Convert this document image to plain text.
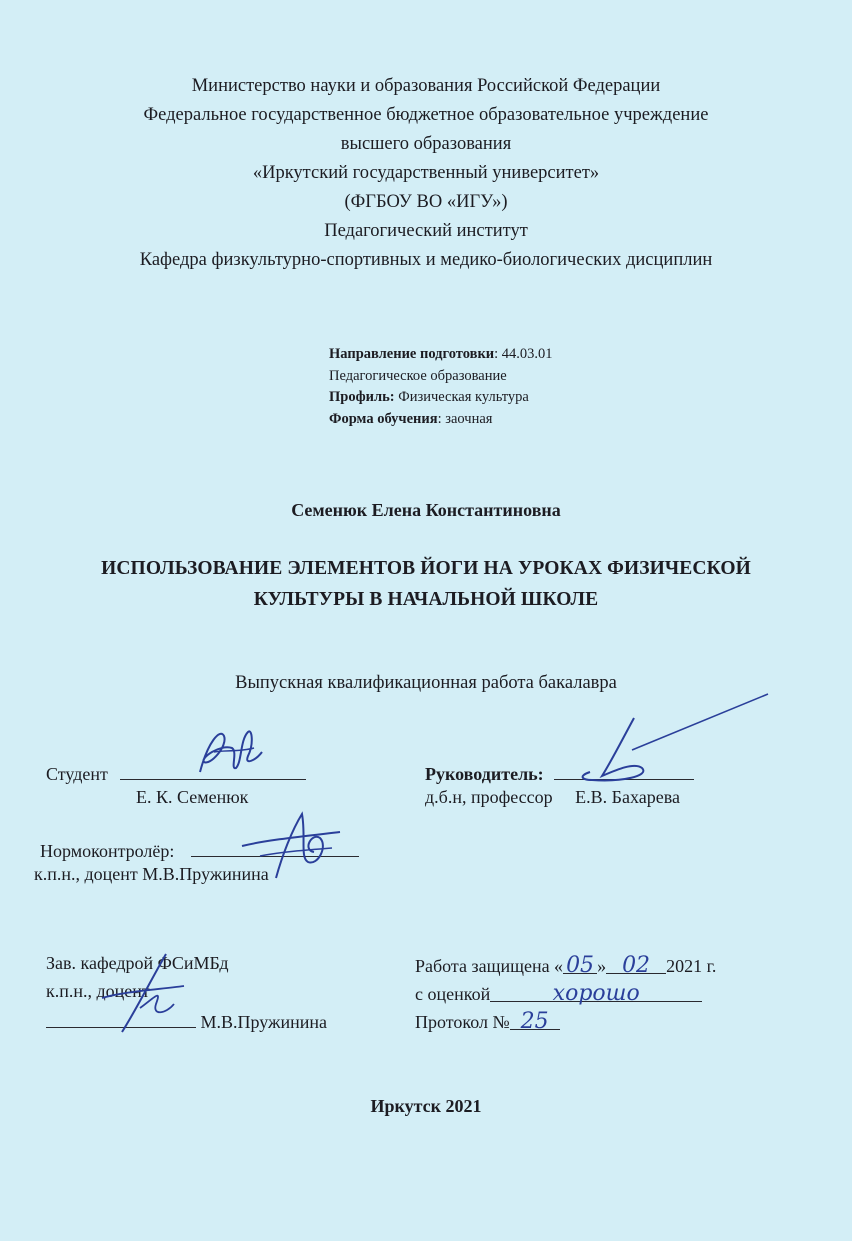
Министерство науки и образования Российской Федерации
Федеральное государственное бюджетное образовательное учреждение
высшего образования
«Иркутский государственный университет»
(ФГБОУ ВО «ИГУ»)
Педагогический институт
Кафедра физкультурно-спортивных и медико-биологических дисциплин
Направление подготовки: 44.03.01
Педагогическое образование
Профиль: Физическая культура
Форма обучения: заочная
Семенюк Елена Константиновна
ИСПОЛЬЗОВАНИЕ ЭЛЕМЕНТОВ ЙОГИ НА УРОКАХ ФИЗИЧЕСКОЙ
КУЛЬТУРЫ В НАЧАЛЬНОЙ ШКОЛЕ
Выпускная квалификационная работа бакалавра
Студент
Е. К. Семенюк
Руководитель:
д.б.н, профессор Е.В. Бахарева
Нормоконтролёр:
к.п.н., доцент М.В.Пружинина
Зав. кафедрой ФСиМБд
к.п.н., доцент
М.В.Пружинина
Работа защищена « 05 » 02 2021 г.
с оценкой	хорошо
Протокол № 25
Иркутск 2021
